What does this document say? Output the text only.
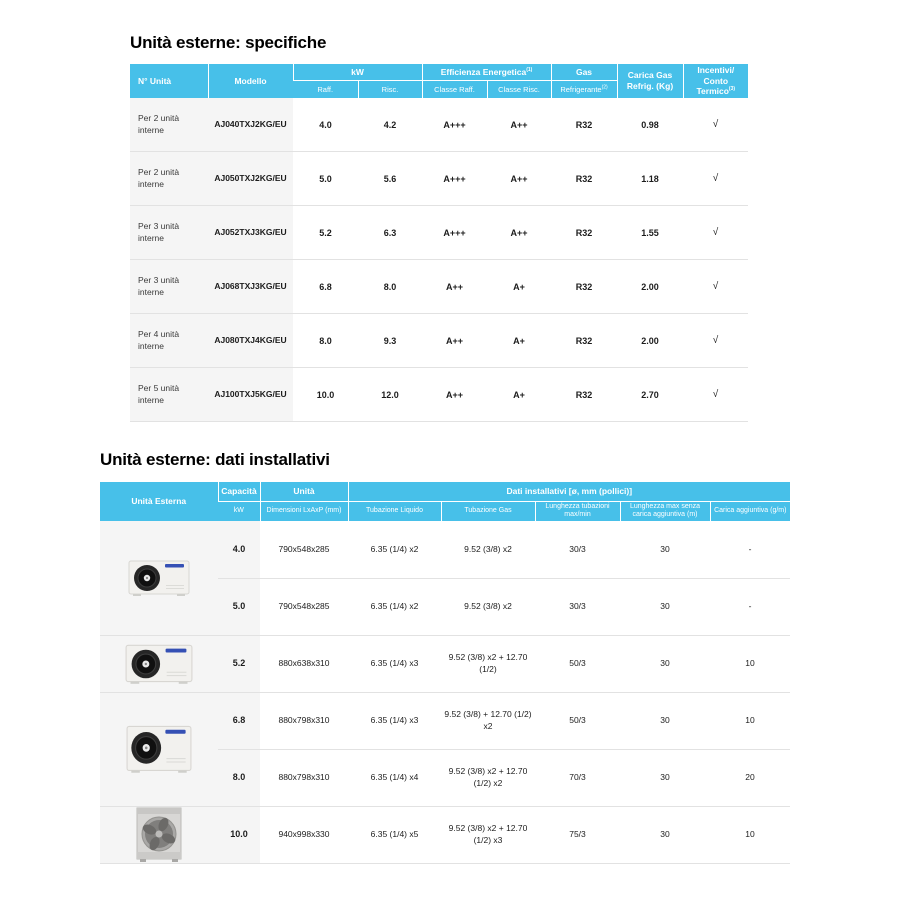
Unità esterne: specifiche
N° Unità	Modello	kW		Efficienza Energetica$^{(1)}$		Gas	Carica Gas Refrig. (Kg)	Incentivi/ Conto Termico$^{(3)}$
		Raff.	Risc.	Classe Raff.	Classe Risc.	Refrigerante$^{(2)}$
Per 2 unità interne	AJ040TXJ2KG/EU	4.0	4.2	A+++	A++	R32	0.98	√
Per 2 unità interne	AJ050TXJ2KG/EU	5.0	5.6	A+++	A++	R32	1.18	√
Per 3 unità interne	AJ052TXJ3KG/EU	5.2	6.3	A+++	A++	R32	1.55	√
Per 3 unità interne	AJ068TXJ3KG/EU	6.8	8.0	A++	A+	R32	2.00	√
Per 4 unità interne	AJ080TXJ4KG/EU	8.0	9.3	A++	A+	R32	2.00	√
Per 5 unità interne	AJ100TXJ5KG/EU	10.0	12.0	A++	A+	R32	2.70	√
Unità esterne: dati installativi
Unità Esterna	Capacità	Unità	Dati installativi [ø, mm (pollici)]				
	kW	Dimensioni LxAxP (mm)	Tubazione Liquido	Tubazione Gas	Lunghezza tubazioni max/min	Lunghezza max senza carica aggiuntiva (m)	Carica aggiuntiva (g/m)

	4.0	790x548x285	6.35 (1/4) x2	9.52 (3/8) x2	30/3	30	-
	5.0	790x548x285	6.35 (1/4) x2	9.52 (3/8) x2	30/3	30	-

	5.2	880x638x310	6.35 (1/4) x3	9.52 (3/8) x2 + 12.70 (1/2)	50/3	30	10

	6.8	880x798x310	6.35 (1/4) x3	9.52 (3/8) + 12.70 (1/2) x2	50/3	30	10
	8.0	880x798x310	6.35 (1/4) x4	9.52 (3/8) x2 + 12.70 (1/2) x2	70/3	30	20

	10.0	940x998x330	6.35 (1/4) x5	9.52 (3/8) x2 + 12.70 (1/2) x3	75/3	30	10
